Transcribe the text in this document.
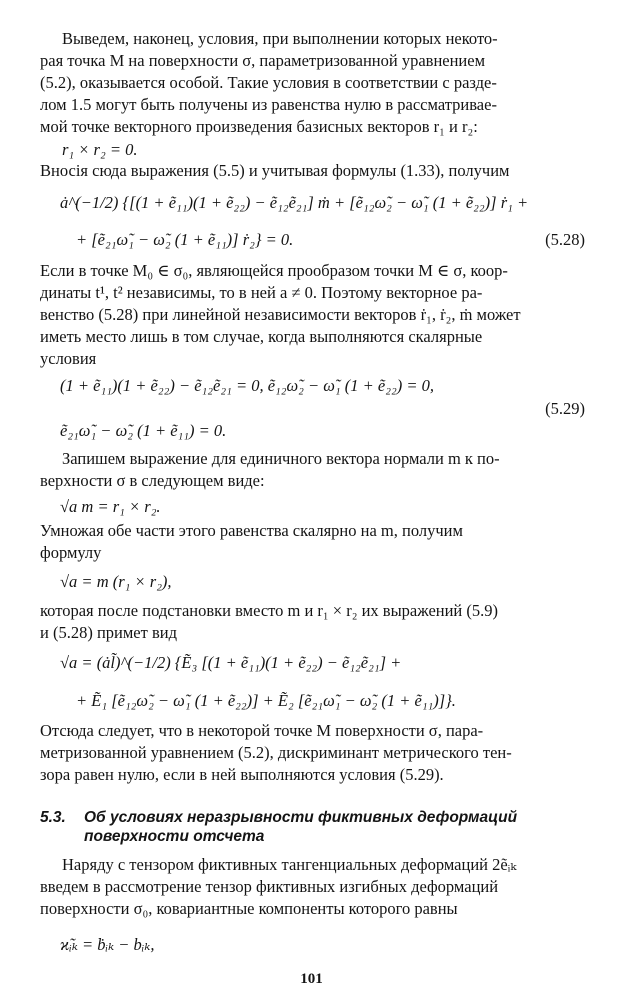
Выведем, наконец, условия, при выполнении которых некото-

рая точка M на поверхности σ, параметризованной уравнением

(5.2), оказывается особой. Такие условия в соответствии с разде-

лом 1.5 могут быть получены из равенства нулю в рассматривае-

мой точке векторного произведения базисных векторов r₁ и r₂:

r₁ × r₂ = 0.

Вносія сюда выражения (5.5) и учитывая формулы (1.33), получим

ȧ^(−1/2) {[(1 + ẽ₁₁)(1 + ẽ₂₂) − ẽ₁₂ẽ₂₁] ṁ + [ẽ₁₂ω̃₂ − ω̃₁ (1 + ẽ₂₂)] ṙ₁ +
+ [ẽ₂₁ω̃₁ − ω̃₂ (1 + ẽ₁₁)] ṙ₂} = 0.	(5.28)

Если в точке M₀ ∈ σ₀, являющейся прообразом точки M ∈ σ, коор-

динаты t¹, t² независимы, то в ней a ≠ 0. Поэтому векторное ра-

венство (5.28) при линейной независимости векторов ṙ₁, ṙ₂, ṁ может

иметь место лишь в том случае, когда выполняются скалярные

условия

(1 + ẽ₁₁)(1 + ẽ₂₂) − ẽ₁₂ẽ₂₁ = 0, ẽ₁₂ω̃₂ − ω̃₁ (1 + ẽ₂₂) = 0,
ẽ₂₁ω̃₁ − ω̃₂ (1 + ẽ₁₁) = 0.
(5.29)

Запишем выражение для единичного вектора нормали m к по-

верхности σ в следующем виде:

√a m = r₁ × r₂.

Умножая обе части этого равенства скалярно на m, получим

формулу

√a = m (r₁ × r₂),

которая после подстановки вместо m и r₁ × r₂ их выражений (5.9)

и (5.28) примет вид

√a = (ȧl̃)^(−1/2) {Ẽ₃ [(1 + ẽ₁₁)(1 + ẽ₂₂) − ẽ₁₂ẽ₂₁] +
+ Ẽ₁ [ẽ₁₂ω̃₂ − ω̃₁ (1 + ẽ₂₂)] + Ẽ₂ [ẽ₂₁ω̃₁ − ω̃₂ (1 + ẽ₁₁)]}.

Отсюда следует, что в некоторой точке M поверхности σ, пара-

метризованной уравнением (5.2), дискриминант метрического тен-

зора равен нулю, если в ней выполняются условия (5.29).

5.3. Об условиях неразрывности фиктивных деформаций
поверхности отсчета

Наряду с тензором фиктивных тангенциальных деформаций 2ẽᵢₖ

введем в рассмотрение тензор фиктивных изгибных деформаций

поверхности σ₀, ковариантные компоненты которого равны

ϰ̃ᵢₖ = ḃᵢₖ − bᵢₖ,
101
